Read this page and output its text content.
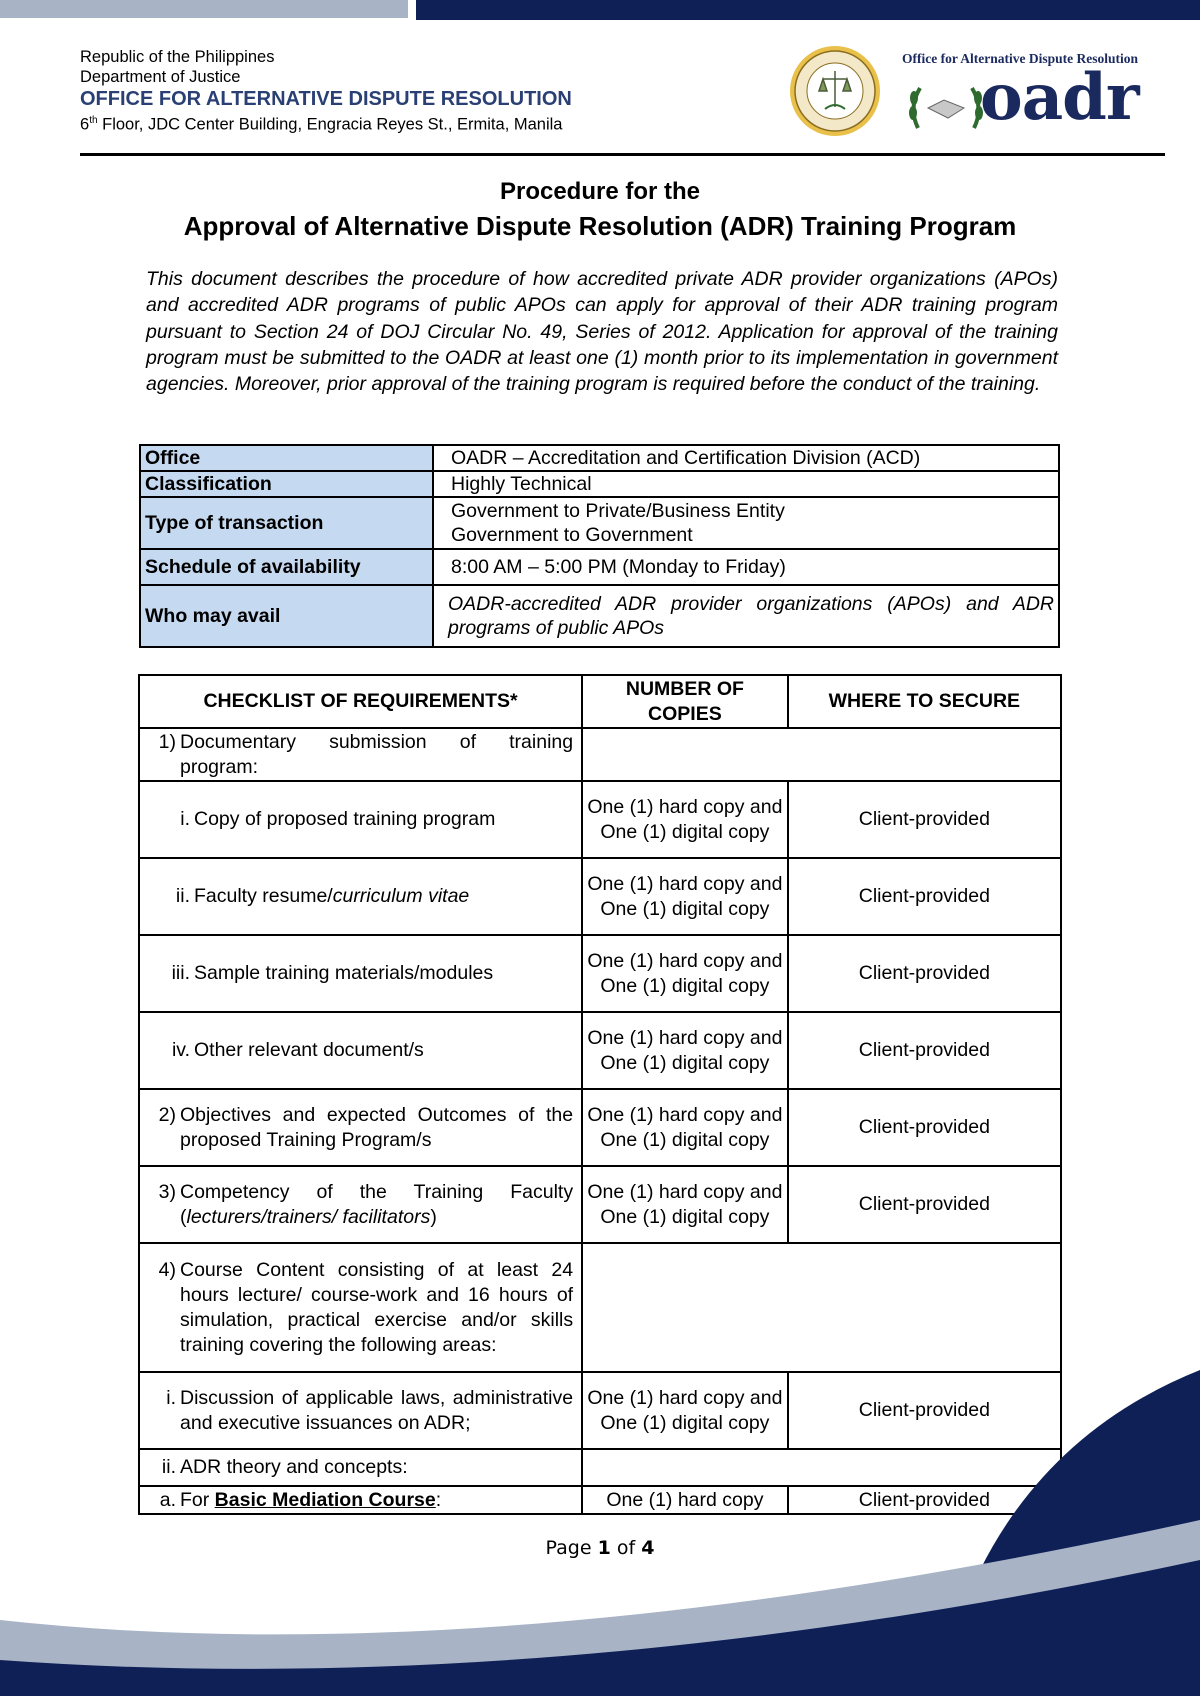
Republic of the Philippines
Department of Justice
OFFICE FOR ALTERNATIVE DISPUTE RESOLUTION
6th Floor, JDC Center Building, Engracia Reyes St., Ermita, Manila
Office for Alternative Dispute Resolution
oadr
Procedure for the
Approval of Alternative Dispute Resolution (ADR) Training Program
This document describes the procedure of how accredited private ADR provider organizations (APOs) and accredited ADR programs of public APOs can apply for approval of their ADR training program pursuant to Section 24 of DOJ Circular No. 49, Series of 2012. Application for approval of the training program must be submitted to the OADR at least one (1) month prior to its implementation in government agencies. Moreover, prior approval of the training program is required before the conduct of the training.
Office	OADR – Accreditation and Certification Division (ACD)
Classification	Highly Technical
Type of transaction	Government to Private/Business Entity
Government to Government

Schedule of availability	8:00 AM – 5:00 PM (Monday to Friday)
Who may avail	OADR-accredited ADR provider organizations (APOs) and ADR programs of public APOs
CHECKLIST OF REQUIREMENTS*	NUMBER OF COPIES	WHERE TO SECURE

1) Documentary submission of training program:		

i. Copy of proposed training program	One (1) hard copy and One (1) digital copy	Client-provided

ii. Faculty resume/curriculum vitae	One (1) hard copy and One (1) digital copy	Client-provided

iii. Sample training materials/modules	One (1) hard copy and One (1) digital copy	Client-provided

iv. Other relevant document/s	One (1) hard copy and One (1) digital copy	Client-provided

2) Objectives and expected Outcomes of the proposed Training Program/s	One (1) hard copy and One (1) digital copy	Client-provided

3) Competency of the Training Faculty (lecturers/trainers/ facilitators)	One (1) hard copy and One (1) digital copy	Client-provided

4) Course Content consisting of at least 24 hours lecture/ course-work and 16 hours of simulation, practical exercise and/or skills training covering the following areas:		

i. Discussion of applicable laws, administrative and executive issuances on ADR;	One (1) hard copy and One (1) digital copy	Client-provided

ii. ADR theory and concepts:		

a. For Basic Mediation Course:	One (1) hard copy	Client-provided
Page 1 of 4
